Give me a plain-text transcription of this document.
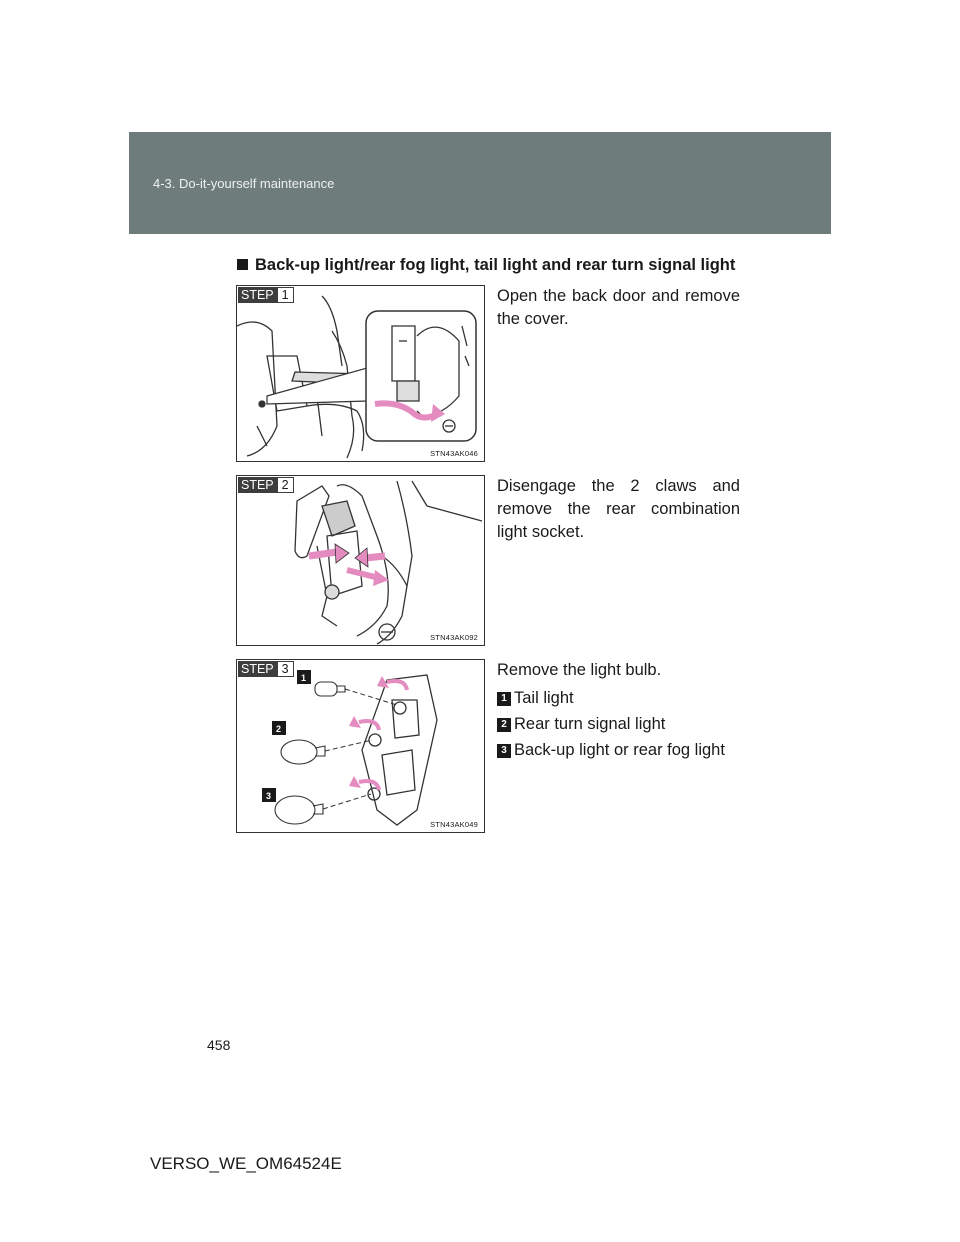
4-3. Do-it-yourself maintenance
Back-up light/rear fog light, tail light and rear turn signal light
STEP 1
STN43AK046
Open the back door and remove the cover.
STEP 2
STN43AK092
Disengage the 2 claws and remove the rear combination light socket.
1
2
3
STEP 3
STN43AK049
Remove the light bulb.
1 Tail light
2 Rear turn signal light
3 Back-up light or rear fog light
458
VERSO_WE_OM64524E
